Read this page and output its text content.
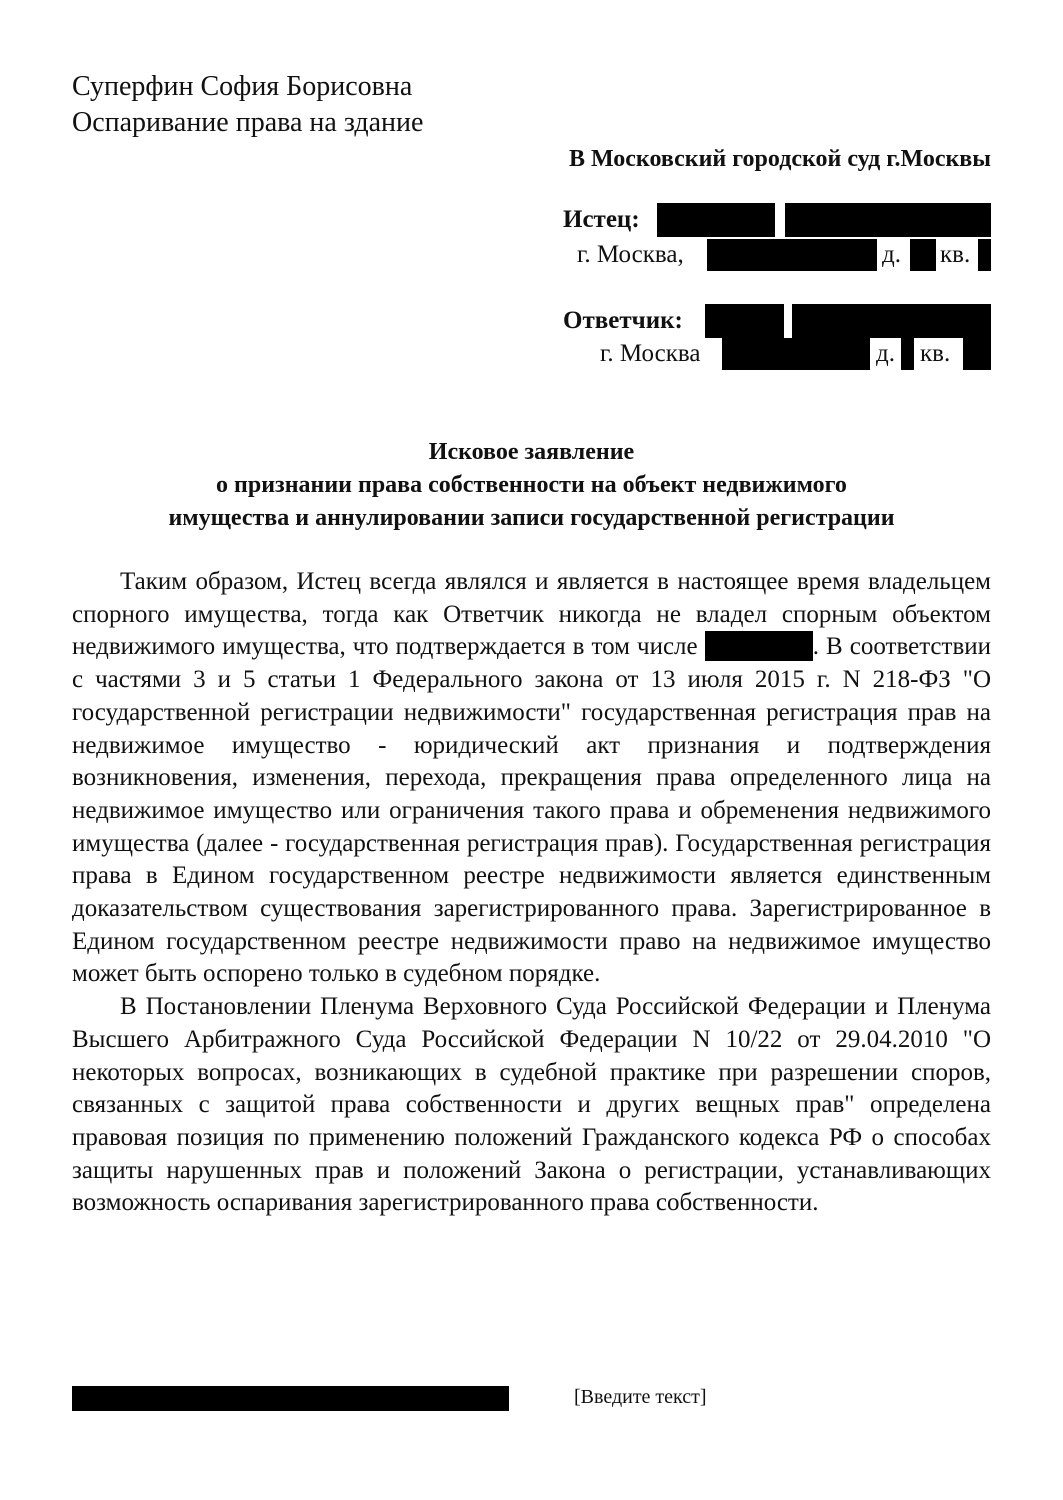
Суперфин София Борисовна
Оспаривание права на здание
В Московский городской суд г.Москвы
Истец:
г. Москва,	д. кв.
Ответчик:
г. Москва	д. кв.
Исковое заявление
о признании права собственности на объект недвижимого
имущества и аннулировании записи государственной регистрации

Таким образом, Истец всегда являлся и является в настоящее время владельцем спорного имущества, тогда как Ответчик никогда не владел спорным объектом недвижимого имущества, что подтверждается в том числе	. В соответствии с частями 3 и 5 статьи 1 Федерального закона от 13 июля 2015 г. N 218-ФЗ "О государственной регистрации недвижимости" государственная регистрация прав на недвижимое имущество - юридический акт признания и подтверждения возникновения, изменения, перехода, прекращения права определенного лица на недвижимое имущество или ограничения такого права и обременения недвижимого имущества (далее - государственная регистрация прав). Государственная регистрация права в Едином государственном реестре недвижимости является единственным доказательством существования зарегистрированного права. Зарегистрированное в Едином государственном реестре недвижимости право на недвижимое имущество может быть оспорено только в судебном порядке.

В Постановлении Пленума Верховного Суда Российской Федерации и Пленума Высшего Арбитражного Суда Российской Федерации N 10/22 от 29.04.2010 "О некоторых вопросах, возникающих в судебной практике при разрешении споров, связанных с защитой права собственности и других вещных прав" определена правовая позиция по применению положений Гражданского кодекса РФ о способах защиты нарушенных прав и положений Закона о регистрации, устанавливающих возможность оспаривания зарегистрированного права собственности.

[Введите текст]
